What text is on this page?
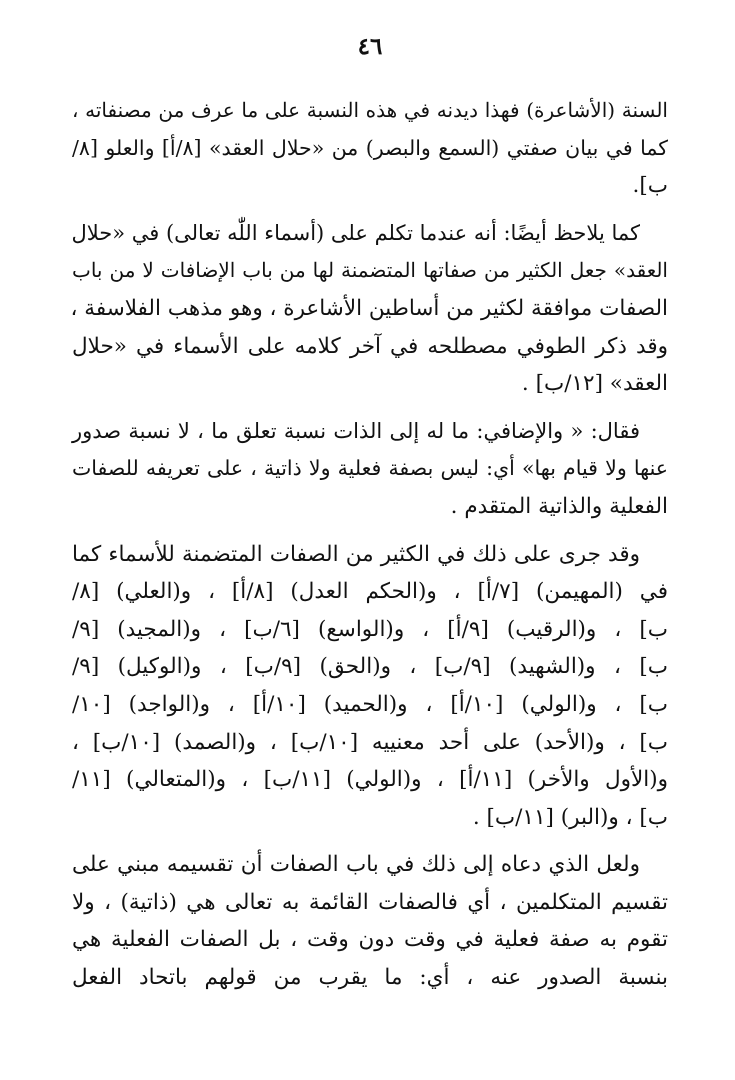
٤٦
السنة (الأشاعرة) فهذا ديدنه في هذه النسبة على ما عرف من مصنفاته ،
كما في بيان صفتي (السمع والبصر) من «حلال العقد» [٨/أ] والعلو [٨/
ب].
كما يلاحظ أيضًا: أنه عندما تكلم على (أسماء اللّٰه تعالى) في «حلال
العقد» جعل الكثير من صفاتها المتضمنة لها من باب الإضافات لا من باب
الصفات موافقة لكثير من أساطين الأشاعرة ، وهو مذهب الفلاسفة ،
وقد ذكر الطوفي مصطلحه في آخر كلامه على الأسماء في «حلال
العقد» [١٢/ب] .
فقال: « والإضافي: ما له إلى الذات نسبة تعلق ما ، لا نسبة صدور
عنها ولا قيام بها» أي: ليس بصفة فعلية ولا ذاتية ، على تعريفه للصفات
الفعلية والذاتية المتقدم .
وقد جرى على ذلك في الكثير من الصفات المتضمنة للأسماء كما
في (المهيمن) [٧/أ] ، و(الحكم العدل) [٨/أ] ، و(العلي) [٨/
ب] ، و(الرقيب) [٩/أ] ، و(الواسع) [٦/ب] ، و(المجيد) [٩/
ب] ، و(الشهيد) [٩/ب] ، و(الحق) [٩/ب] ، و(الوكيل) [٩/
ب] ، و(الولي) [١٠/أ] ، و(الحميد) [١٠/أ] ، و(الواجد) [١٠/
ب] ، و(الأحد) على أحد معنييه [١٠/ب] ، و(الصمد) [١٠/ب] ،
و(الأول والأخر) [١١/أ] ، و(الولي) [١١/ب] ، و(المتعالي) [١١/
ب] ، و(البر) [١١/ب] .
ولعل الذي دعاه إلى ذلك في باب الصفات أن تقسيمه مبني على
تقسيم المتكلمين ، أي فالصفات القائمة به تعالى هي (ذاتية) ، ولا
تقوم به صفة فعلية في وقت دون وقت ، بل الصفات الفعلية هي
بنسبة الصدور عنه ، أي: ما يقرب من قولهم باتحاد الفعل
